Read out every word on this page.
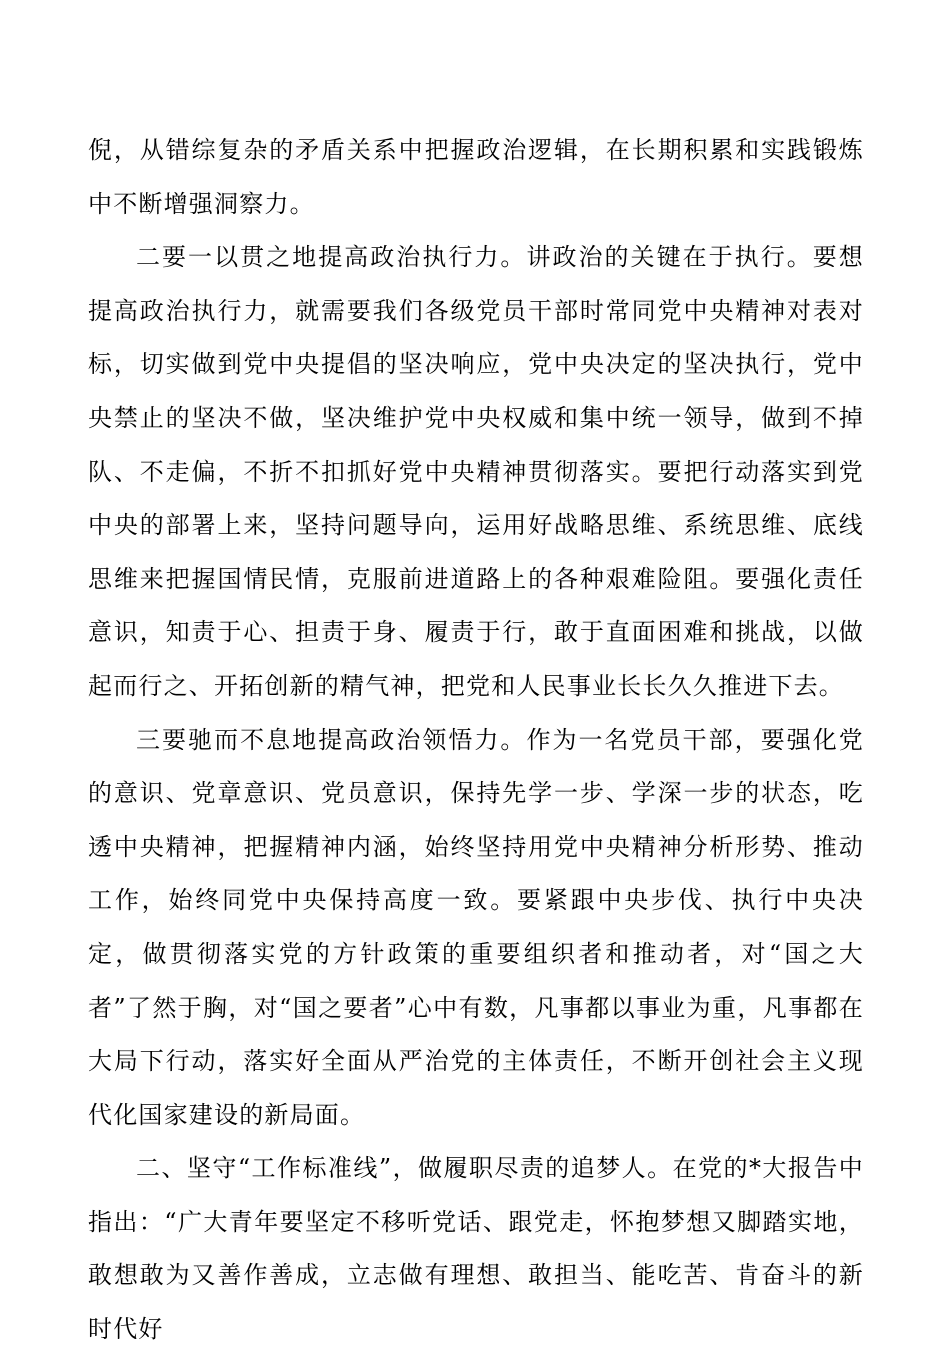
倪，从错综复杂的矛盾关系中把握政治逻辑，在长期积累和实践锻炼中不断增强洞察力。

二要一以贯之地提高政治执行力。讲政治的关键在于执行。要想提高政治执行力，就需要我们各级党员干部时常同党中央精神对表对标，切实做到党中央提倡的坚决响应，党中央决定的坚决执行，党中央禁止的坚决不做，坚决维护党中央权威和集中统一领导，做到不掉队、不走偏，不折不扣抓好党中央精神贯彻落实。要把行动落实到党中央的部署上来，坚持问题导向，运用好战略思维、系统思维、底线思维来把握国情民情，克服前进道路上的各种艰难险阻。要强化责任意识，知责于心、担责于身、履责于行，敢于直面困难和挑战，以做起而行之、开拓创新的精气神，把党和人民事业长长久久推进下去。

三要驰而不息地提高政治领悟力。作为一名党员干部，要强化党的意识、党章意识、党员意识，保持先学一步、学深一步的状态，吃透中央精神，把握精神内涵，始终坚持用党中央精神分析形势、推动工作，始终同党中央保持高度一致。要紧跟中央步伐、执行中央决定，做贯彻落实党的方针政策的重要组织者和推动者，对“国之大者”了然于胸，对“国之要者”心中有数，凡事都以事业为重，凡事都在大局下行动，落实好全面从严治党的主体责任，不断开创社会主义现代化国家建设的新局面。

二、坚守“工作标准线”，做履职尽责的追梦人。在党的*大报告中指出：“广大青年要坚定不移听党话、跟党走，怀抱梦想又脚踏实地，敢想敢为又善作善成，立志做有理想、敢担当、能吃苦、肯奋斗的新时代好
